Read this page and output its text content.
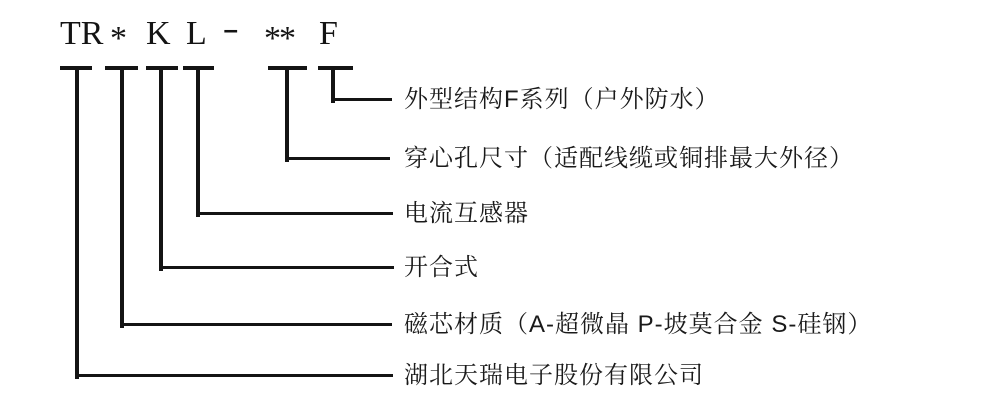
TR * K L - ** F
外型结构F系列（户外防水）
穿心孔尺寸（适配线缆或铜排最大外径）
电流互感器
开合式
磁芯材质（A-超微晶 P-坡莫合金 S-硅钢）
湖北天瑞电子股份有限公司
